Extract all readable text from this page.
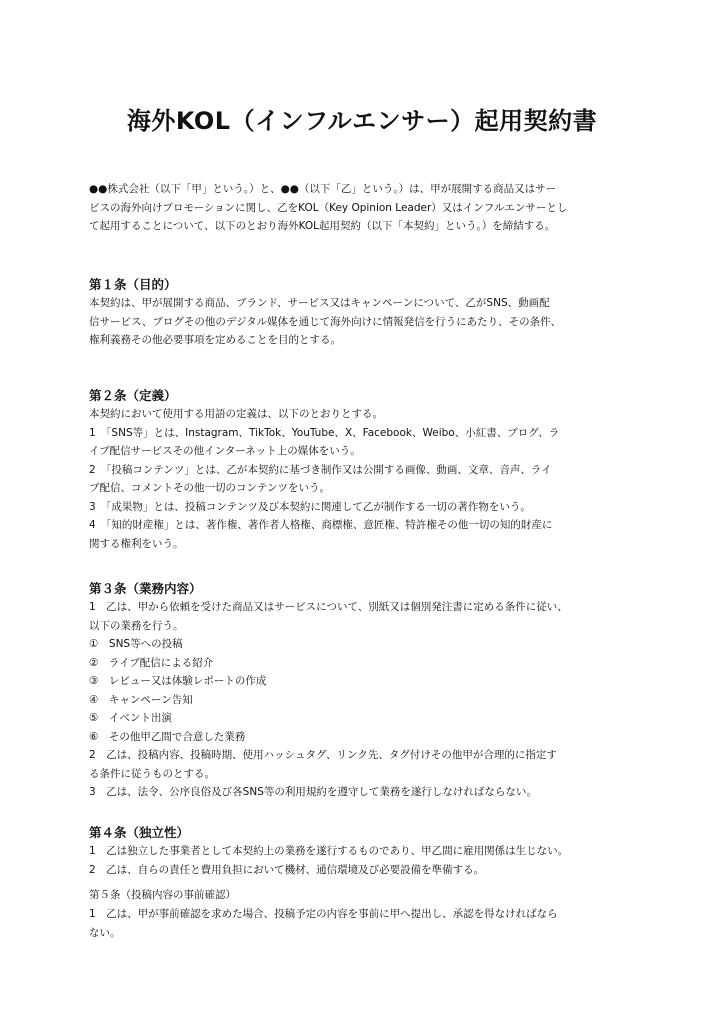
海外KOL（インフルエンサー）起用契約書

●●株式会社（以下「甲」という。）と、●●（以下「乙」という。）は、甲が展開する商品又はサー

ビスの海外向けプロモーションに関し、乙をKOL（Key Opinion Leader）又はインフルエンサーとし

て起用することについて、以下のとおり海外KOL起用契約（以下「本契約」という。）を締結する。

第１条（目的）

本契約は、甲が展開する商品、ブランド、サービス又はキャンペーンについて、乙がSNS、動画配

信サービス、ブログその他のデジタル媒体を通じて海外向けに情報発信を行うにあたり、その条件、

権利義務その他必要事項を定めることを目的とする。

第２条（定義）

本契約において使用する用語の定義は、以下のとおりとする。

1　「SNS等」とは、Instagram、TikTok、YouTube、X、Facebook、Weibo、小紅書、ブログ、ラ

イブ配信サービスその他インターネット上の媒体をいう。

2　「投稿コンテンツ」とは、乙が本契約に基づき制作又は公開する画像、動画、文章、音声、ライ

ブ配信、コメントその他一切のコンテンツをいう。

3　「成果物」とは、投稿コンテンツ及び本契約に関連して乙が制作する一切の著作物をいう。

4　「知的財産権」とは、著作権、著作者人格権、商標権、意匠権、特許権その他一切の知的財産に

関する権利をいう。

第３条（業務内容）

1　乙は、甲から依頼を受けた商品又はサービスについて、別紙又は個別発注書に定める条件に従い、

以下の業務を行う。

①　SNS等への投稿

②　ライブ配信による紹介

③　レビュー又は体験レポートの作成

④　キャンペーン告知

⑤　イベント出演

⑥　その他甲乙間で合意した業務

2　乙は、投稿内容、投稿時期、使用ハッシュタグ、リンク先、タグ付けその他甲が合理的に指定す

る条件に従うものとする。

3　乙は、法令、公序良俗及び各SNS等の利用規約を遵守して業務を遂行しなければならない。

第４条（独立性）

1　乙は独立した事業者として本契約上の業務を遂行するものであり、甲乙間に雇用関係は生じない。

2　乙は、自らの責任と費用負担において機材、通信環境及び必要設備を準備する。

第５条（投稿内容の事前確認）

1　乙は、甲が事前確認を求めた場合、投稿予定の内容を事前に甲へ提出し、承認を得なければなら

ない。
